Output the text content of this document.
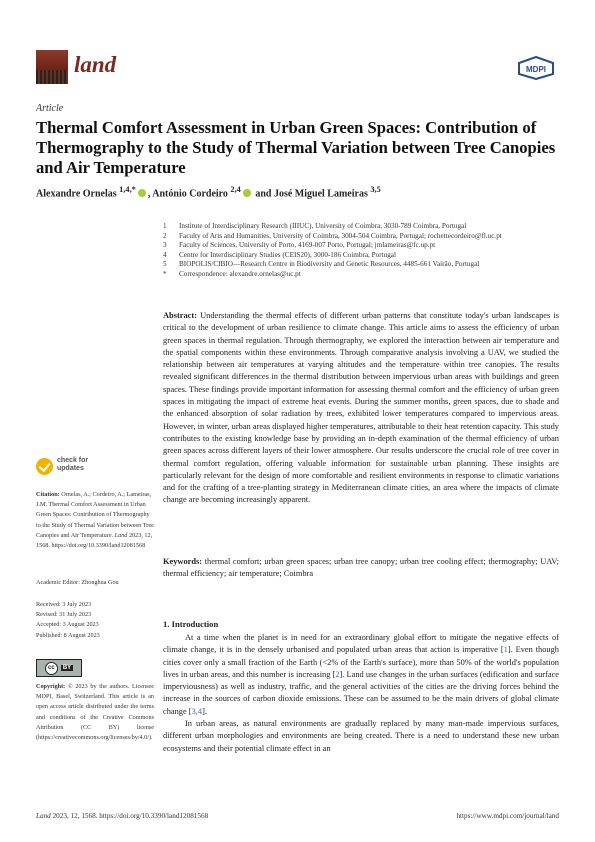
land	MDPI
Article
Thermal Comfort Assessment in Urban Green Spaces: Contribution of Thermography to the Study of Thermal Variation between Tree Canopies and Air Temperature
Alexandre Ornelas $^{1,4,*}$ , António Cordeiro $^{2,4}$ and José Miguel Lameiras $^{3,5}$
1	Institute of Interdisciplinary Research (IIIUC), University of Coimbra, 3030-789 Coimbra, Portugal
2	Faculty of Arts and Humanities, University of Coimbra, 3004-504 Coimbra, Portugal; rochettecordeiro@fl.uc.pt
3	Faculty of Sciences, University of Porto, 4169-007 Porto, Portugal; jmlameiras@fc.up.pt
4	Centre for Interdisciplinary Studies (CEIS20), 3000-186 Coimbra, Portugal
5	BIOPOLIS/CIBIO—Research Centre in Biodiversity and Genetic Resources, 4485-661 Vairão, Portugal
*	Correspondence: alexandre.ornelas@uc.pt
Abstract: Understanding the thermal effects of different urban patterns that constitute today's urban landscapes is critical to the development of urban resilience to climate change. This article aims to assess the efficiency of urban green spaces in thermal regulation. Through thermography, we explored the interaction between air temperature and the spatial components within these environments. Through comparative analysis involving a UAV, we studied the relationship between air temperatures at varying altitudes and the temperature within tree canopies. The results revealed significant differences in the thermal distribution between impervious urban areas with buildings and green spaces. These findings provide important information for assessing thermal comfort and the efficiency of urban green spaces in mitigating the impact of extreme heat events. During the summer months, green spaces, due to shade and the enhanced absorption of solar radiation by trees, exhibited lower temperatures compared to impervious areas. However, in winter, urban areas displayed higher temperatures, attributable to their heat retention capacity. This study contributes to the existing knowledge base by providing an in-depth examination of the thermal efficiency of urban green spaces across different layers of their lower atmosphere. Our results underscore the crucial role of tree cover in thermal comfort regulation, offering valuable information for sustainable urban planning. These insights are particularly relevant for the design of more comfortable and resilient environments in response to climatic variations and for the crafting of a tree-planting strategy in Mediterranean climate cities, an area where the impacts of climate change are becoming increasingly apparent.
Keywords: thermal comfort; urban green spaces; urban tree canopy; urban tree cooling effect; thermography; UAV; thermal efficiency; air temperature; Coimbra
1. Introduction

At a time when the planet is in need for an extraordinary global effort to mitigate the negative effects of climate change, it is in the densely urbanised and populated urban areas that action is imperative [1]. Even though cities cover only a small fraction of the Earth (<2% of the Earth's surface), more than 50% of the world's population lives in urban areas, and this number is increasing [2]. Land use changes in the urban surfaces (edification and surface imperviousness) as well as industry, traffic, and the general activities of the cities are the driving forces behind the increase in the sources of carbon dioxide emissions. These can be assumed to be the main drivers of global climate change [3,4].

In urban areas, as natural environments are gradually replaced by many man-made impervious surfaces, different urban morphologies and environments are being created. There is a need to understand these new urban ecosystems and their potential climate effect in an

check for updates
Citation: Ornelas, A.; Cordeiro, A.; Lameiras, J.M. Thermal Comfort Assessment in Urban Green Spaces: Contribution of Thermography to the Study of Thermal Variation between Tree Canopies and Air Temperature. Land 2023, 12, 1568. https://doi.org/10.3390/land12081568
Academic Editor: Zhonghua Gou
Received: 3 July 2023
Revised: 31 July 2023
Accepted: 3 August 2023
Published: 8 August 2023
cc	BY
Copyright: © 2023 by the authors. Licensee MDPI, Basel, Switzerland. This article is an open access article distributed under the terms and conditions of the Creative Commons Attribution (CC BY) license (https://creativecommons.org/licenses/by/4.0/).
Land 2023, 12, 1568. https://doi.org/10.3390/land12081568	https://www.mdpi.com/journal/land
